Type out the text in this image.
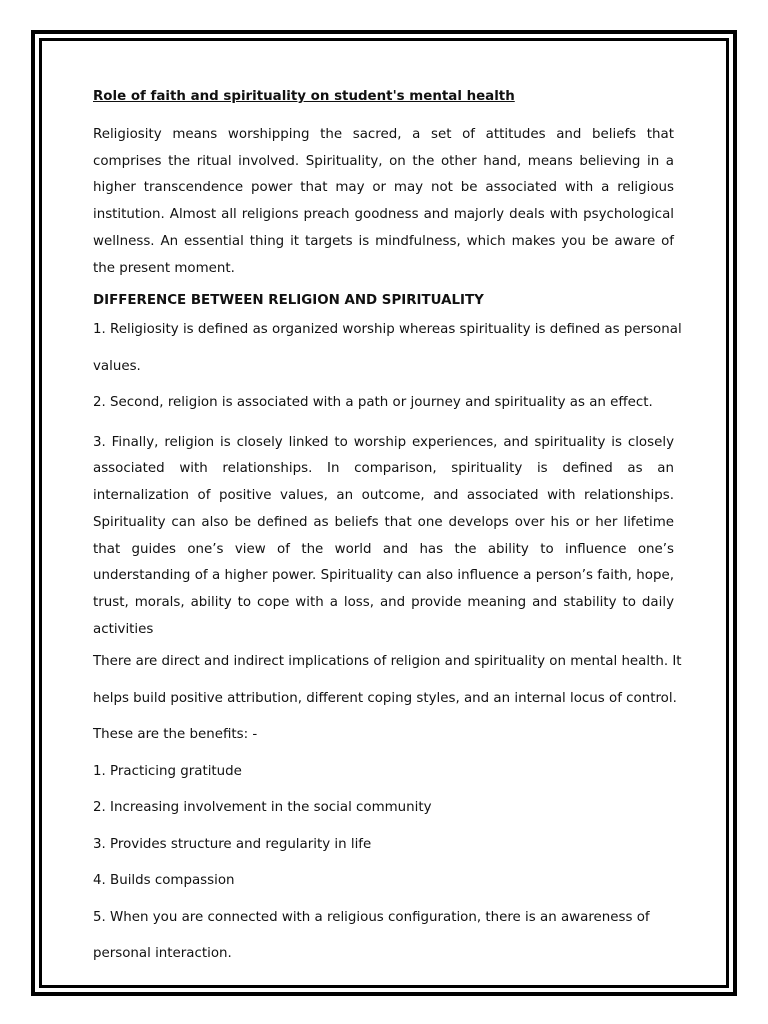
Role of faith and spirituality on student's mental health

Religiosity means worshipping the sacred, a set of attitudes and beliefs that comprises the ritual involved. Spirituality, on the other hand, means believing in a higher transcendence power that may or may not be associated with a religious institution. Almost all religions preach goodness and majorly deals with psychological wellness. An essential thing it targets is mindfulness, which makes you be aware of the present moment.

DIFFERENCE BETWEEN RELIGION AND SPIRITUALITY

1. Religiosity is defined as organized worship whereas spirituality is defined as personal

values.

2. Second, religion is associated with a path or journey and spirituality as an effect.

3. Finally, religion is closely linked to worship experiences, and spirituality is closely associated with relationships. In comparison, spirituality is defined as an internalization of positive values, an outcome, and associated with relationships. Spirituality can also be defined as beliefs that one develops over his or her lifetime that guides one’s view of the world and has the ability to influence one’s understanding of a higher power. Spirituality can also influence a person’s faith, hope, trust, morals, ability to cope with a loss, and provide meaning and stability to daily activities

There are direct and indirect implications of religion and spirituality on mental health. It

helps build positive attribution, different coping styles, and an internal locus of control.

These are the benefits: -

1. Practicing gratitude

2. Increasing involvement in the social community

3. Provides structure and regularity in life

4. Builds compassion

5. When you are connected with a religious configuration, there is an awareness of

personal interaction.
